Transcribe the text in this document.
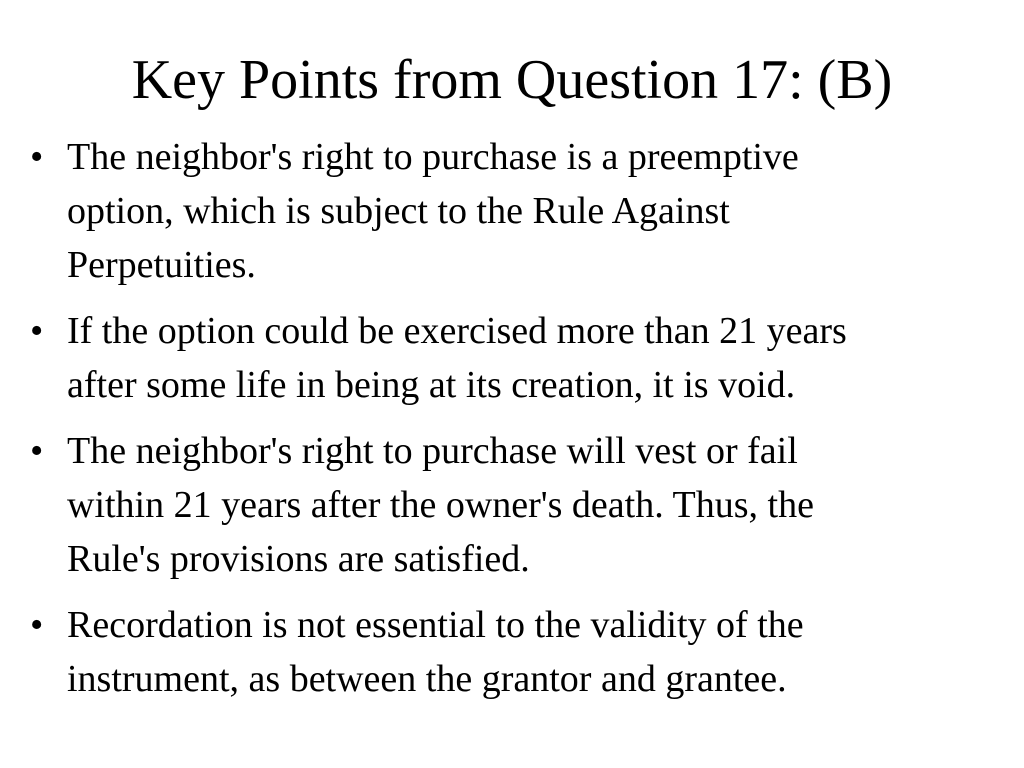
Key Points from Question 17: (B)
• The neighbor's right to purchase is a preemptive
option, which is subject to the Rule Against
Perpetuities.
• If the option could be exercised more than 21 years
after some life in being at its creation, it is void.
• The neighbor's right to purchase will vest or fail
within 21 years after the owner's death. Thus, the
Rule's provisions are satisfied.
• Recordation is not essential to the validity of the
instrument, as between the grantor and grantee.
